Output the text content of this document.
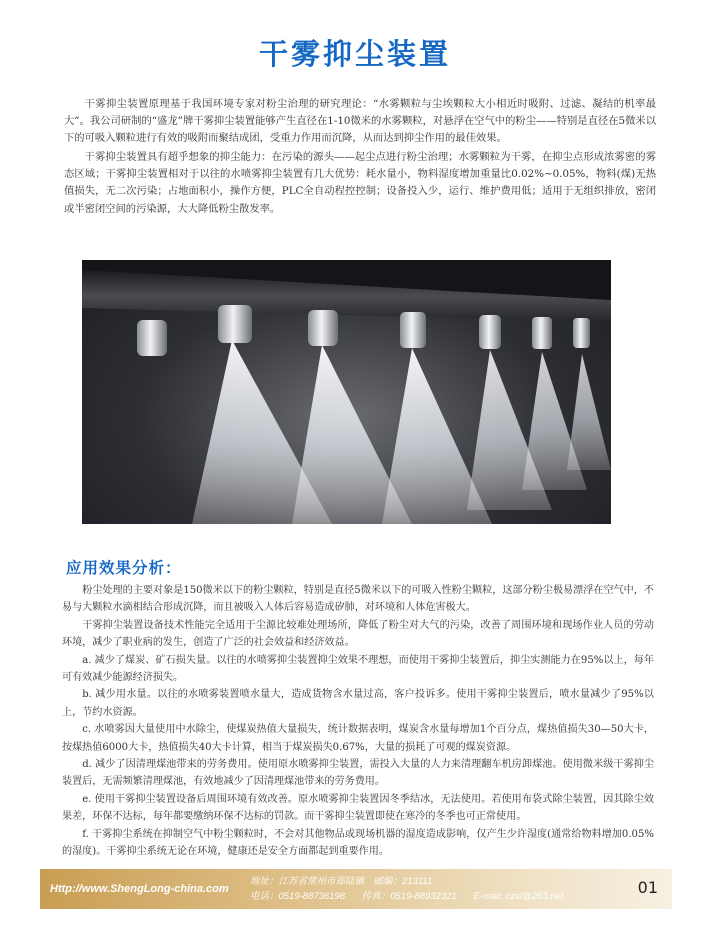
干雾抑尘装置

干雾抑尘装置原理基于我国环境专家对粉尘治理的研究理论：“水雾颗粒与尘埃颗粒大小相近时吸附、过滤、凝结的机率最大”。我公司研制的“盛龙”牌干雾抑尘装置能够产生直径在1-10微米的水雾颗粒，对悬浮在空气中的粉尘——特别是直径在5微米以下的可吸入颗粒进行有效的吸附而聚结成团，受重力作用而沉降，从而达到抑尘作用的最佳效果。

干雾抑尘装置具有超乎想象的抑尘能力：在污染的源头——起尘点进行粉尘治理；水雾颗粒为干雾，在抑尘点形成浓雾密的雾态区域；干雾抑尘装置相对于以往的水喷雾抑尘装置有几大优势：耗水量小，物料湿度增加重量比0.02%~0.05%，物料(煤)无热值损失，无二次污染；占地面积小，操作方便，PLC全自动程控控制；设备投入少，运行、维护费用低；适用于无组织排放，密闭或半密闭空间的污染源，大大降低粉尘散发率。

应用效果分析：

粉尘处理的主要对象是150微米以下的粉尘颗粒，特别是直径5微米以下的可吸入性粉尘颗粒，这部分粉尘极易漂浮在空气中，不易与大颗粒水滴相结合形成沉降，而且被吸入人体后容易造成矽肺，对环境和人体危害极大。

干雾抑尘装置设备技术性能完全适用于尘源比较难处理场所，降低了粉尘对大气的污染，改善了周围环境和现场作业人员的劳动环境，减少了职业病的发生，创造了广泛的社会效益和经济效益。

a. 减少了煤炭、矿石损失量。以往的水喷雾抑尘装置抑尘效果不理想，而使用干雾抑尘装置后，抑尘实测能力在95%以上，每年可有效减少能源经济损失。

b. 减少用水量。以往的水喷雾装置喷水量大，造成货物含水量过高，客户投诉多。使用干雾抑尘装置后，喷水量减少了95%以上，节约水资源。

c. 水喷雾因大量使用中水除尘，使煤炭热值大量损失，统计数据表明，煤炭含水量每增加1个百分点，煤热值损失30—50大卡，按煤热值6000大卡，热值损失40大卡计算，相当于煤炭损失0.67%，大量的损耗了可观的煤炭资源。

d. 减少了因清理煤池带来的劳务费用。使用原水喷雾抑尘装置，需投入大量的人力来清理翻车机房卸煤池。使用微米级干雾抑尘装置后，无需频繁清理煤池，有效地减少了因清理煤池带来的劳务费用。

e. 使用干雾抑尘装置设备后周围环境有效改善。原水喷雾抑尘装置因冬季结冰，无法使用。若使用布袋式除尘装置，因其除尘效果差，环保不达标，每年都要缴纳环保不达标的罚款。而干雾抑尘装置即使在寒冷的冬季也可正常使用。

f. 干雾抑尘系统在抑制空气中粉尘颗粒时，不会对其他物品或现场机器的湿度造成影响，仅产生少许湿度(通常给物料增加0.05%的湿度)。干雾抑尘系统无论在环境，健康还是安全方面都起到重要作用。

Http://www.ShengLong-china.com
地址：江苏省常州市郑陆镇　邮编：213111
电话：0519-88736198 传真：0519-88932321 E-mail: czsl@263.net	01
